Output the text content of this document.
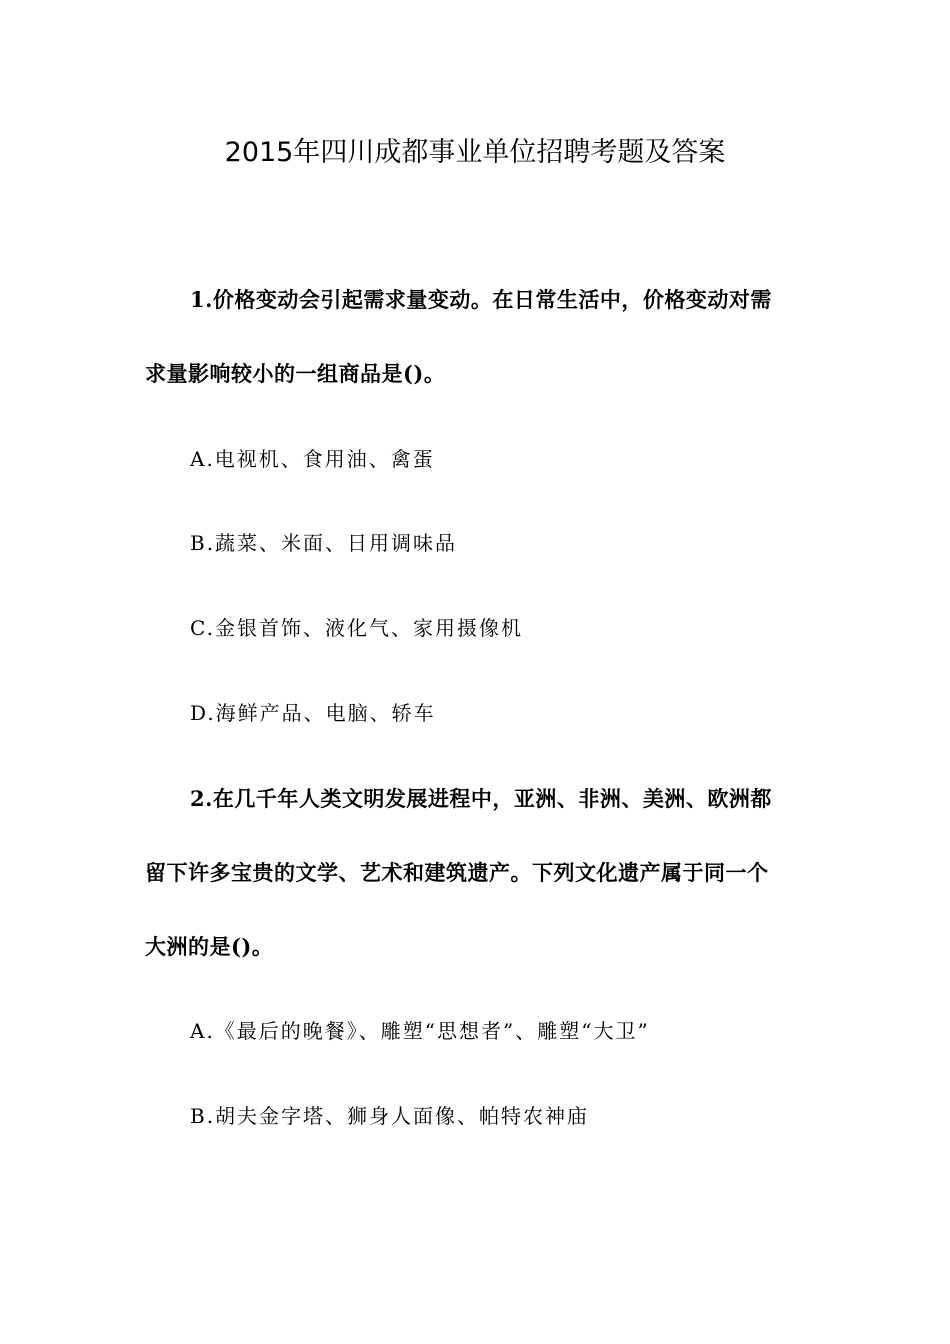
2015年四川成都事业单位招聘考题及答案
1.价格变动会引起需求量变动。在日常生活中，价格变动对需
求量影响较小的一组商品是()。
A.电视机、食用油、禽蛋
B.蔬菜、米面、日用调味品
C.金银首饰、液化气、家用摄像机
D.海鲜产品、电脑、轿车
2.在几千年人类文明发展进程中，亚洲、非洲、美洲、欧洲都
留下许多宝贵的文学、艺术和建筑遗产。下列文化遗产属于同一个
大洲的是()。
A.《最后的晚餐》、雕塑“思想者”、雕塑“大卫”
B.胡夫金字塔、狮身人面像、帕特农神庙
